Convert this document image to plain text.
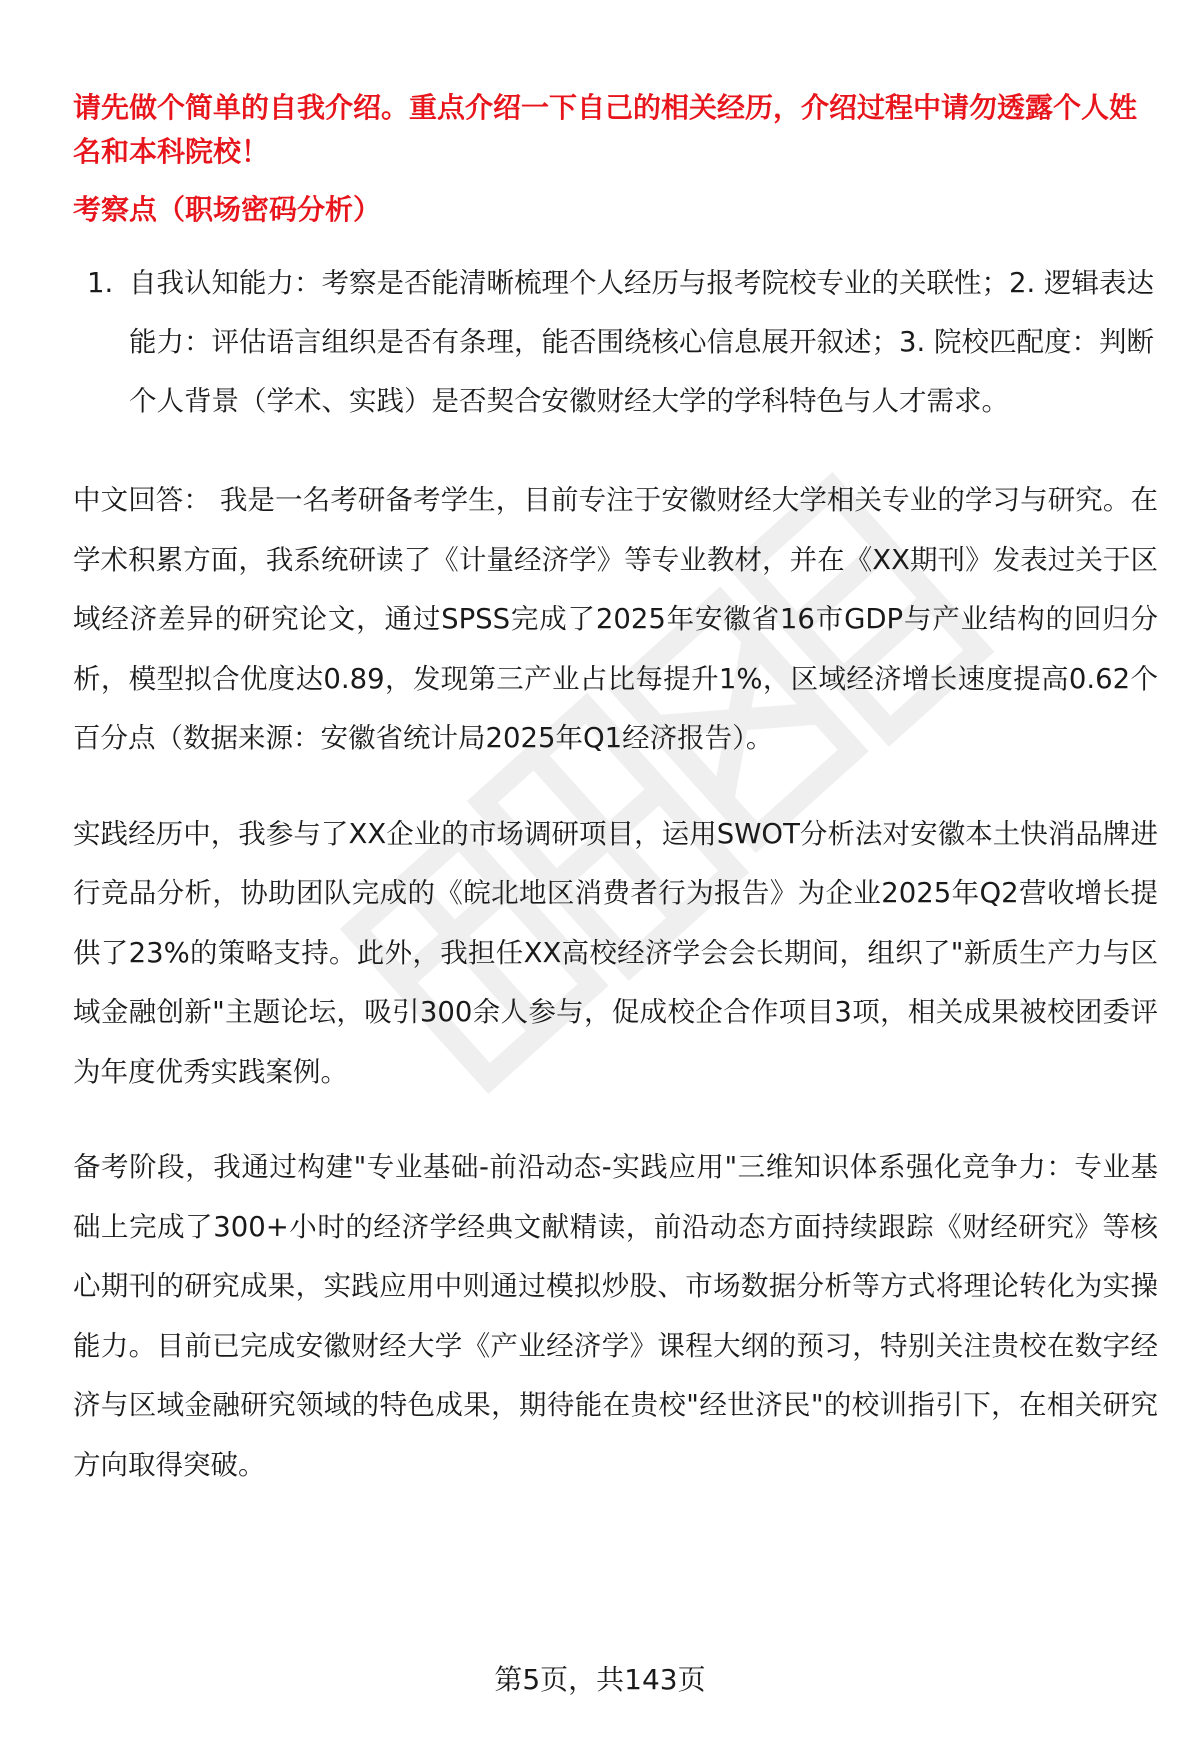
请先做个简单的自我介绍。重点介绍一下自己的相关经历，介绍过程中请勿透露个人姓名和本科院校！

考察点（职场密码分析）

1. 自我认知能力：考察是否能清晰梳理个人经历与报考院校专业的关联性；2. 逻辑表达能力：评估语言组织是否有条理，能否围绕核心信息展开叙述；3. 院校匹配度：判断个人背景（学术、实践）是否契合安徽财经大学的学科特色与人才需求。

中文回答： 我是一名考研备考学生，目前专注于安徽财经大学相关专业的学习与研究。在学术积累方面，我系统研读了《计量经济学》等专业教材，并在《XX期刊》发表过关于区域经济差异的研究论文，通过SPSS完成了2025年安徽省16市GDP与产业结构的回归分析，模型拟合优度达0.89，发现第三产业占比每提升1%，区域经济增长速度提高0.62个百分点（数据来源：安徽省统计局2025年Q1经济报告）。

实践经历中，我参与了XX企业的市场调研项目，运用SWOT分析法对安徽本土快消品牌进行竞品分析，协助团队完成的《皖北地区消费者行为报告》为企业2025年Q2营收增长提供了23%的策略支持。此外，我担任XX高校经济学会会长期间，组织了"新质生产力与区域金融创新"主题论坛，吸引300余人参与，促成校企合作项目3项，相关成果被校团委评为年度优秀实践案例。

备考阶段，我通过构建"专业基础-前沿动态-实践应用"三维知识体系强化竞争力：专业基础上完成了300+小时的经济学经典文献精读，前沿动态方面持续跟踪《财经研究》等核心期刊的研究成果，实践应用中则通过模拟炒股、市场数据分析等方式将理论转化为实操能力。目前已完成安徽财经大学《产业经济学》课程大纲的预习，特别关注贵校在数字经济与区域金融研究领域的特色成果，期待能在贵校"经世济民"的校训指引下，在相关研究方向取得突破。

第5页，共143页
